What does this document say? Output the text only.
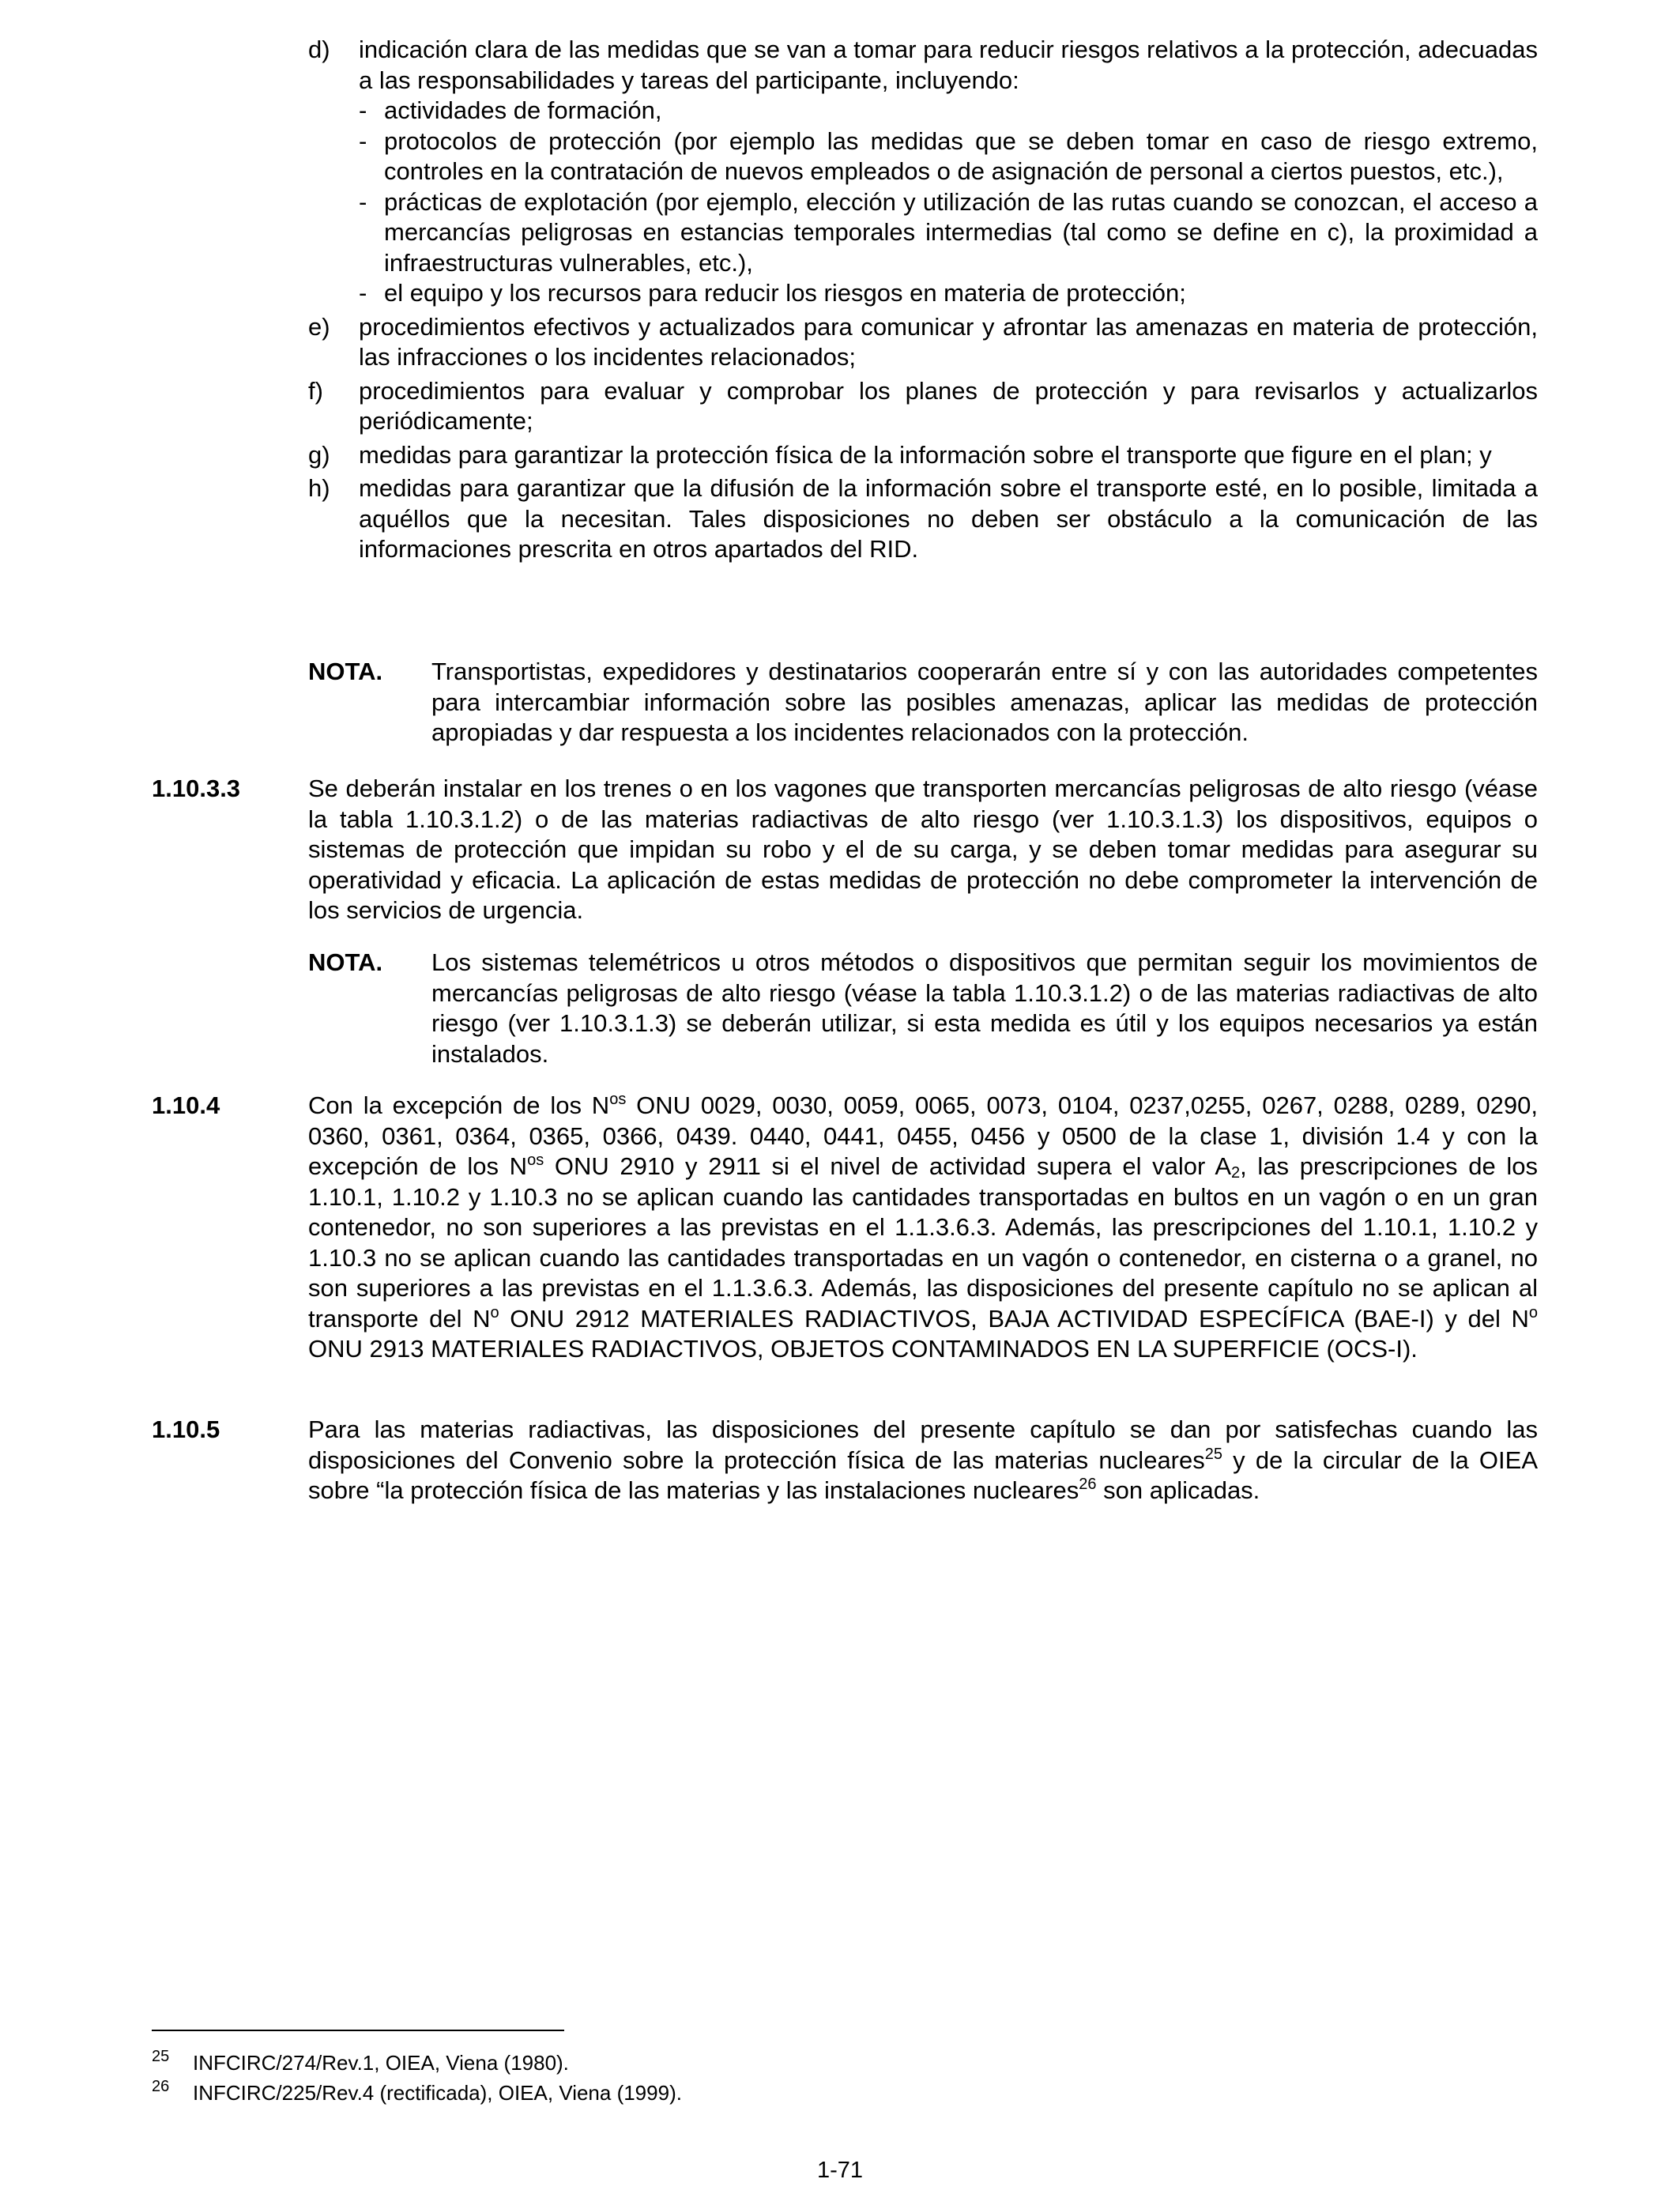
d)	indicación clara de las medidas que se van a tomar para reducir riesgos relativos a la protección, adecuadas a las responsabilidades y tareas del participante, incluyendo:
- actividades de formación,
- protocolos de protección (por ejemplo las medidas que se deben tomar en caso de riesgo extremo, controles en la contratación de nuevos empleados o de asignación de personal a ciertos puestos, etc.),
- prácticas de explotación (por ejemplo, elección y utilización de las rutas cuando se conozcan, el acceso a mercancías peligrosas en estancias temporales intermedias (tal como se define en c), la proximidad a infraestructuras vulnerables, etc.),
- el equipo y los recursos para reducir los riesgos en materia de protección;
e)	procedimientos efectivos y actualizados para comunicar y afrontar las amenazas en materia de protección, las infracciones o los incidentes relacionados;
f)	procedimientos para evaluar y comprobar los planes de protección y para revisarlos y actualizarlos periódicamente;
g)	medidas para garantizar la protección física de la información sobre el transporte que figure en el plan; y
h)	medidas para garantizar que la difusión de la información sobre el transporte esté, en lo posible, limitada a aquéllos que la necesitan. Tales disposiciones no deben ser obstáculo a la comunicación de las informaciones prescrita en otros apartados del RID.
NOTA.	Transportistas, expedidores y destinatarios cooperarán entre sí y con las autoridades competentes para intercambiar información sobre las posibles amenazas, aplicar las medidas de protección apropiadas y dar respuesta a los incidentes relacionados con la protección.
1.10.3.3	Se deberán instalar en los trenes o en los vagones que transporten mercancías peligrosas de alto riesgo (véase la tabla 1.10.3.1.2) o de las materias radiactivas de alto riesgo (ver 1.10.3.1.3) los dispositivos, equipos o sistemas de protección que impidan su robo y el de su carga, y se deben tomar medidas para asegurar su operatividad y eficacia. La aplicación de estas medidas de protección no debe comprometer la intervención de los servicios de urgencia.
NOTA.	Los sistemas telemétricos u otros métodos o dispositivos que permitan seguir los movimientos de mercancías peligrosas de alto riesgo (véase la tabla 1.10.3.1.2) o de las materias radiactivas de alto riesgo (ver 1.10.3.1.3) se deberán utilizar, si esta medida es útil y los equipos necesarios ya están instalados.
1.10.4	Con la excepción de los $N^{os}$ ONU 0029, 0030, 0059, 0065, 0073, 0104, 0237,0255, 0267, 0288, 0289, 0290, 0360, 0361, 0364, 0365, 0366, 0439. 0440, 0441, 0455, 0456 y 0500 de la clase 1, división 1.4 y con la excepción de los $N^{os}$ ONU 2910 y 2911 si el nivel de actividad supera el valor $A_2$, las prescripciones de los 1.10.1, 1.10.2 y 1.10.3 no se aplican cuando las cantidades transportadas en bultos en un vagón o en un gran contenedor, no son superiores a las previstas en el 1.1.3.6.3. Además, las prescripciones del 1.10.1, 1.10.2 y 1.10.3 no se aplican cuando las cantidades transportadas en un vagón o contenedor, en cisterna o a granel, no son superiores a las previstas en el 1.1.3.6.3. Además, las disposiciones del presente capítulo no se aplican al transporte del $N^o$ ONU 2912 MATERIALES RADIACTIVOS, BAJA ACTIVIDAD ESPECÍFICA (BAE-I) y del $N^o$ ONU 2913 MATERIALES RADIACTIVOS, OBJETOS CONTAMINADOS EN LA SUPERFICIE (OCS-I).
1.10.5	Para las materias radiactivas, las disposiciones del presente capítulo se dan por satisfechas cuando las disposiciones del Convenio sobre la protección física de las materias nucleares$^{25}$ y de la circular de la OIEA sobre “la protección física de las materias y las instalaciones nucleares$^{26}$ son aplicadas.
25	INFCIRC/274/Rev.1, OIEA, Viena (1980).
26	INFCIRC/225/Rev.4 (rectificada), OIEA, Viena (1999).
1-71
